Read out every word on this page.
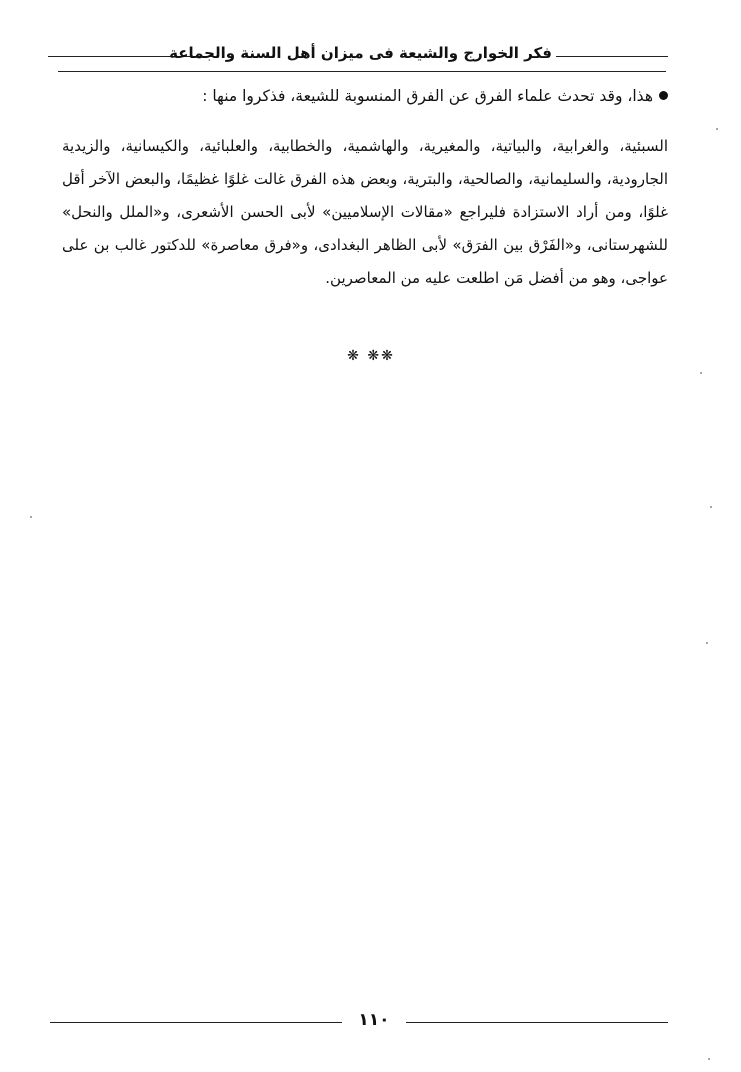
فكر الخوارج والشيعة فى ميزان أهل السنة والجماعة

هذا، وقد تحدث علماء الفرق عن الفرق المنسوبة للشيعة، فذكروا منها :

السبئية، والغرابية، والبياتية، والمغيرية، والهاشمية، والخطابية، والعلبائية، والكيسانية، والزيدية الجارودية، والسليمانية، والصالحية، والبترية، وبعض هذه الفرق غالت غلوًا غظيمًا، والبعض الآخر أقل غلوًا، ومن أراد الاستزادة فليراجع «مقالات الإسلاميين» لأبى الحسن الأشعرى، و«الملل والنحل» للشهرستانى، و«الفَرْق بين الفرَق» لأبى الظاهر البغدادى، و«فرق معاصرة» للدكتور غالب بن على عواجى، وهو من أفضل مَن اطلعت عليه من المعاصرين.

❋ ❋❋
١١٠
